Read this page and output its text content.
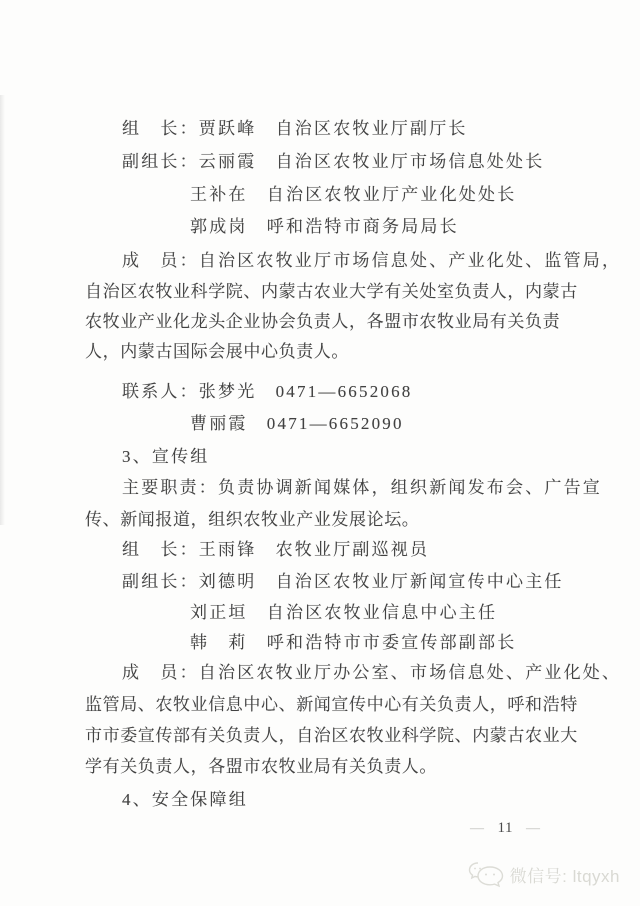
组　长：贾跃峰　自治区农牧业厅副厅长
副组长：云丽霞　自治区农牧业厅市场信息处处长
王补在　自治区农牧业厅产业化处处长
郭成岗　呼和浩特市商务局局长
成　员：自治区农牧业厅市场信息处、产业化处、监管局，
自治区农牧业科学院、内蒙古农业大学有关处室负责人，内蒙古
农牧业产业化龙头企业协会负责人，各盟市农牧业局有关负责
人，内蒙古国际会展中心负责人。
联系人：张梦光　0471—6652068
曹丽霞　0471—6652090
3、宣传组
主要职责：负责协调新闻媒体，组织新闻发布会、广告宣
传、新闻报道，组织农牧业产业发展论坛。
组　长：王雨锋　农牧业厅副巡视员
副组长：刘德明　自治区农牧业厅新闻宣传中心主任
刘正垣　自治区农牧业信息中心主任
韩　莉　呼和浩特市市委宣传部副部长
成　员：自治区农牧业厅办公室、市场信息处、产业化处、
监管局、农牧业信息中心、新闻宣传中心有关负责人，呼和浩特
市市委宣传部有关负责人，自治区农牧业科学院、内蒙古农业大
学有关负责人，各盟市农牧业局有关负责人。
4、安全保障组
— 11 —
微信号: ltqyxh
